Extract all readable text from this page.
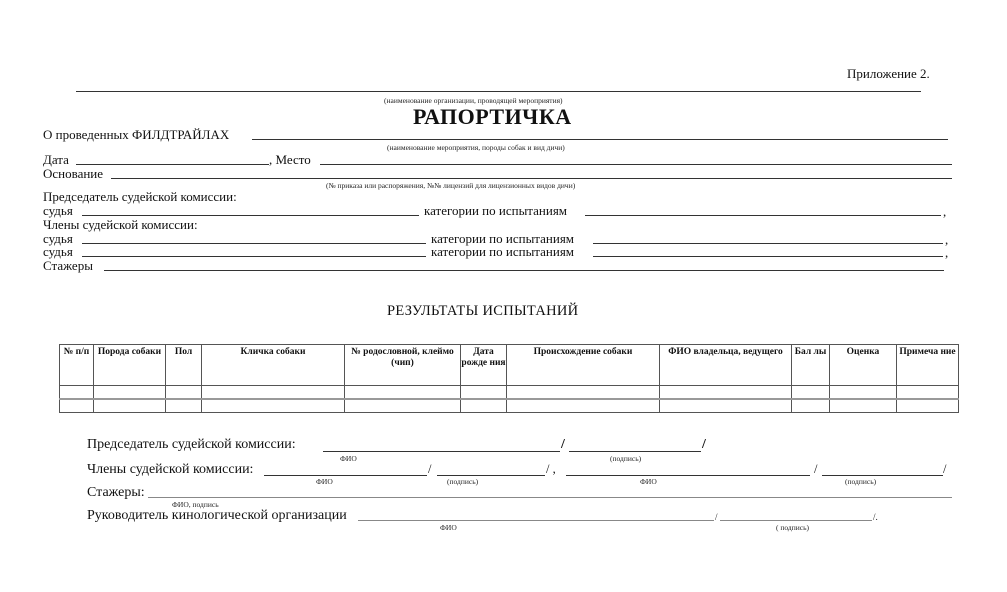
Приложение 2.
(наименование организации, проводящей мероприятия)
РАПОРТИЧКА
О проведенных ФИЛДТРАЙЛАХ
(наименование мероприятия, породы собак и вид дичи)
Дата	, Место
Основание
(№ приказа или распоряжения, №№ лицензий для лицензионных видов дичи)
Председатель судейской комиссии:
судья	категории по испытаниям	,
Члены судейской комиссии:
судья	категории по испытаниям	,
судья	категории по испытаниям	,
Стажеры
РЕЗУЛЬТАТЫ ИСПЫТАНИЙ
№ п/п	Порода собаки	Пол	Кличка собаки	№ родословной, клеймо (чип)	Дата рожде ния	Происхождение собаки	ФИО владельца, ведущего	Бал лы	Оценка	Примеча ние

Председатель судейской комиссии:	/	/
ФИО	(подпись)
Члены судейской комиссии:	/	/ ,	/	/
ФИО	(подпись)	ФИО	(подпись)
Стажеры:
ФИО, подпись
Руководитель кинологической организации	/	/.
ФИО	( подпись)
